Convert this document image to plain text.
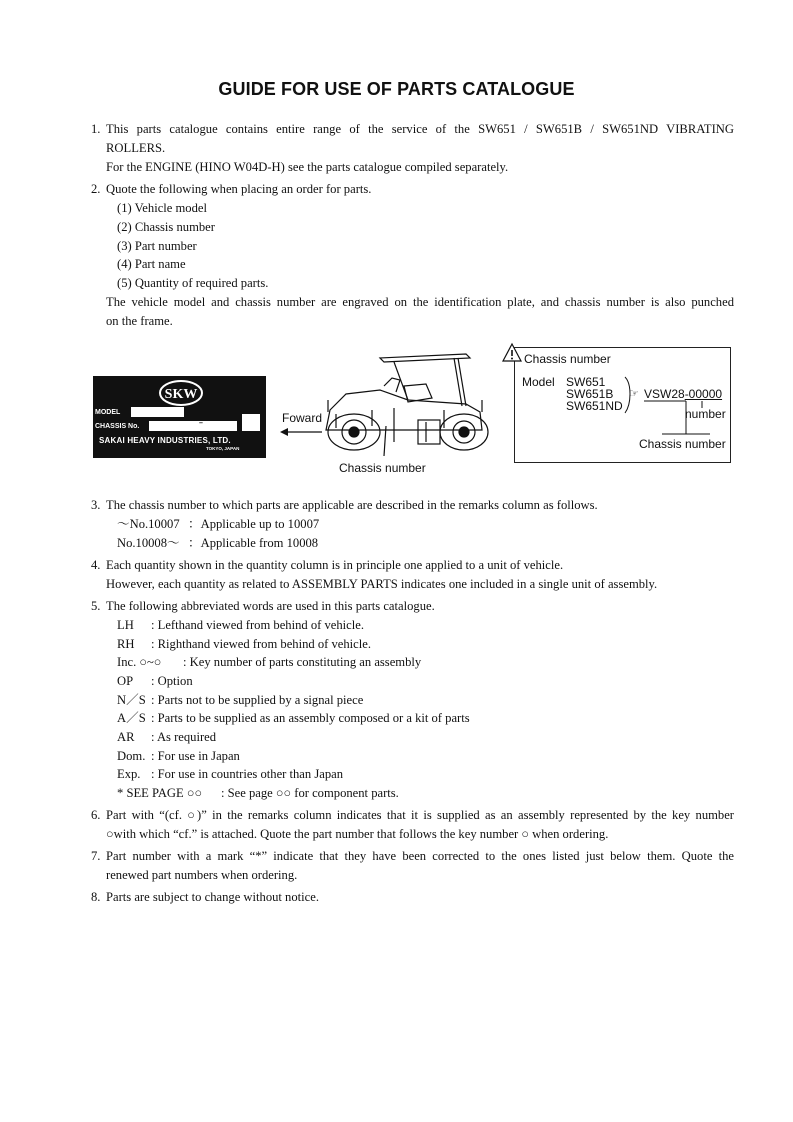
GUIDE FOR USE OF PARTS CATALOGUE
1. This parts catalogue contains entire range of the service of the SW651 / SW651B / SW651ND VIBRATING
ROLLERS.
For the ENGINE (HINO W04D-H) see the parts catalogue compiled separately.
2. Quote the following when placing an order for parts.
(1) Vehicle model
(2) Chassis number
(3) Part number
(4) Part name
(5) Quantity of required parts.
The vehicle model and chassis number are engraved on the identification plate, and chassis number is also punched
on the frame.
SKW
MODEL
CHASSIS No.	–
SAKAI HEAVY INDUSTRIES, LTD.
TOKYO, JAPAN
Foward
Chassis number
Chassis number
Model SW651
SW651B
SW651ND
☞ VSW28-00000
number
Chassis number
3. The chassis number to which parts are applicable are described in the remarks column as follows.
～No.10007 ：Applicable up to 10007
No.10008～ ：Applicable from 10008
4. Each quantity shown in the quantity column is in principle one applied to a unit of vehicle.
However, each quantity as related to ASSEMBLY PARTS indicates one included in a single unit of assembly.
5. The following abbreviated words are used in this parts catalogue.
LH : Lefthand viewed from behind of vehicle.
RH : Righthand viewed from behind of vehicle.
Inc. ○~○ : Key number of parts constituting an assembly
OP : Option
N／S : Parts not to be supplied by a signal piece
A／S : Parts to be supplied as an assembly composed or a kit of parts
AR : As required
Dom. : For use in Japan
Exp. : For use in countries other than Japan
* SEE PAGE ○○ : See page ○○ for component parts.
6. Part with “(cf. ○)” in the remarks column indicates that it is supplied as an assembly represented by the key number
○with which “cf.” is attached. Quote the part number that follows the key number ○ when ordering.
7. Part number with a mark “*” indicate that they have been corrected to the ones listed just below them. Quote the
renewed part numbers when ordering.
8. Parts are subject to change without notice.
